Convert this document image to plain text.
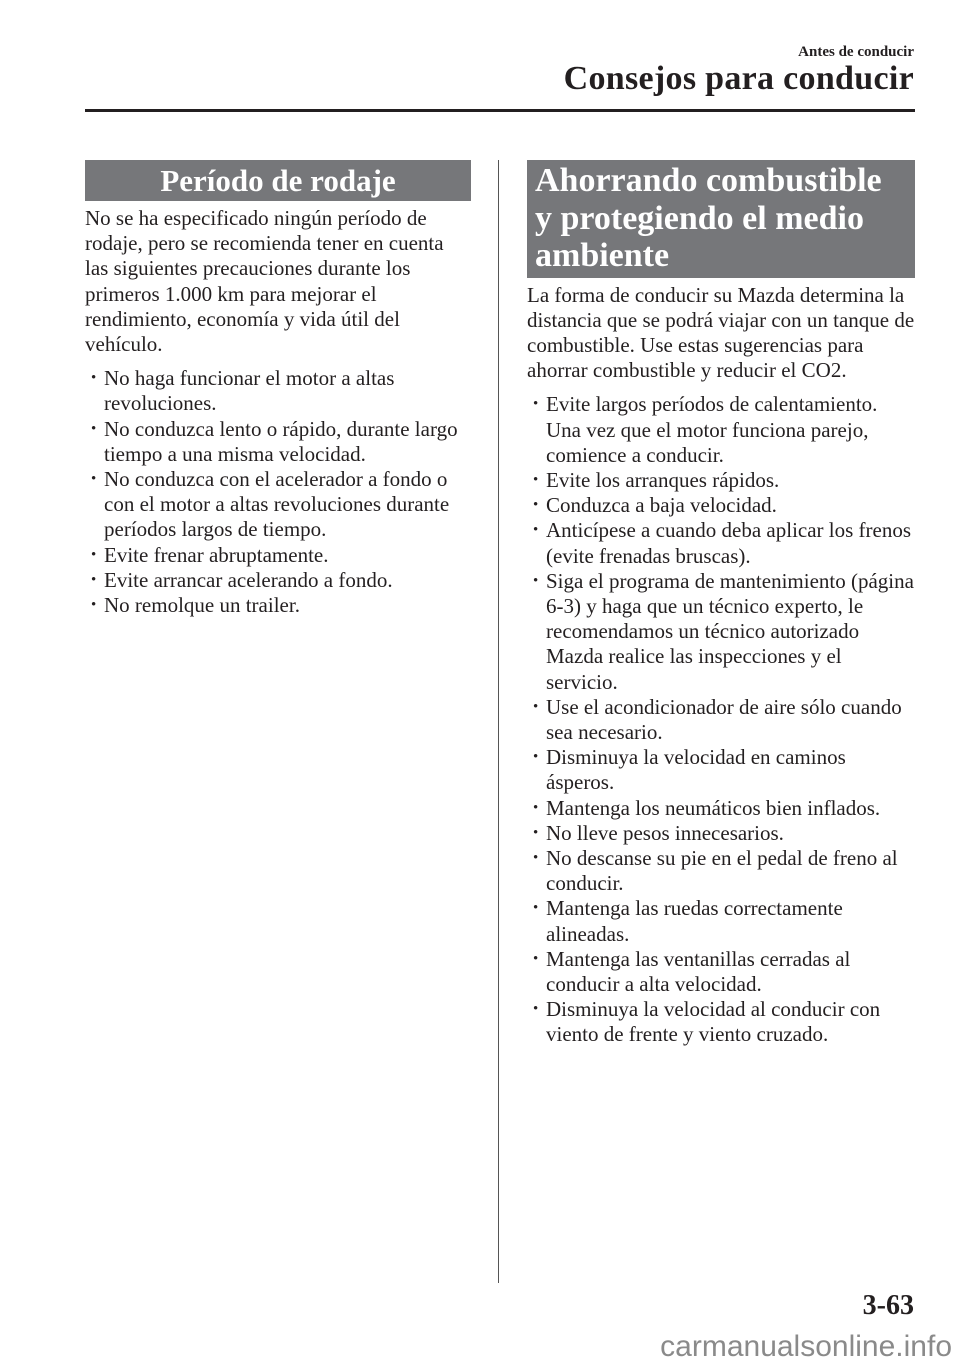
Antes de conducir
Consejos para conducir
Período de rodaje

No se ha especificado ningún período de rodaje, pero se recomienda tener en cuenta las siguientes precauciones durante los primeros 1.000 km para mejorar el rendimiento, economía y vida útil del vehículo.

• No haga funcionar el motor a altas revoluciones.
• No conduzca lento o rápido, durante largo tiempo a una misma velocidad.
• No conduzca con el acelerador a fondo o con el motor a altas revoluciones durante períodos largos de tiempo.
• Evite frenar abruptamente.
• Evite arrancar acelerando a fondo.
• No remolque un trailer.
Ahorrando combustible y protegiendo el medio ambiente

La forma de conducir su Mazda determina la distancia que se podrá viajar con un tanque de combustible. Use estas sugerencias para ahorrar combustible y reducir el CO2.

• Evite largos períodos de calentamiento. Una vez que el motor funciona parejo, comience a conducir.
• Evite los arranques rápidos.
• Conduzca a baja velocidad.
• Anticípese a cuando deba aplicar los frenos (evite frenadas bruscas).
• Siga el programa de mantenimiento (página 6-3) y haga que un técnico experto, le recomendamos un técnico autorizado Mazda realice las inspecciones y el servicio.
• Use el acondicionador de aire sólo cuando sea necesario.
• Disminuya la velocidad en caminos ásperos.
• Mantenga los neumáticos bien inflados.
• No lleve pesos innecesarios.
• No descanse su pie en el pedal de freno al conducir.
• Mantenga las ruedas correctamente alineadas.
• Mantenga las ventanillas cerradas al conducir a alta velocidad.
• Disminuya la velocidad al conducir con viento de frente y viento cruzado.
3-63
carmanualsonline.info
